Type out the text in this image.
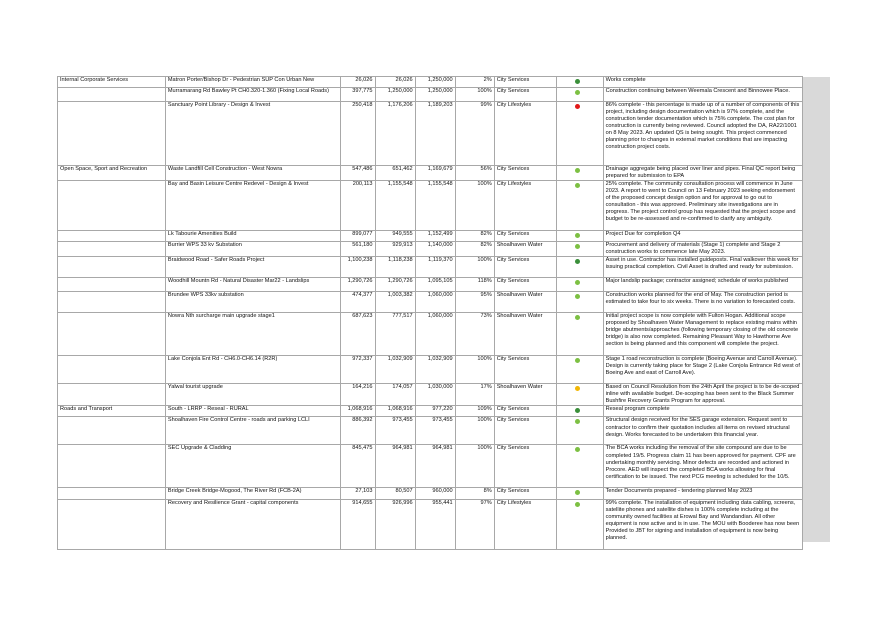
Internal Corporate Services	Matron Porter/Bishop Dr - Pedestrian SUP Con Urban New	26,026	26,026	1,250,000	2%	City Services		Works complete
	Murramarang Rd Bawley Pt CH0.320-1.360 (Fixing Local Roads)	397,775	1,250,000	1,250,000	100%	City Services		Construction continuing between Weemala Crescent and Binnowee Place.
	Sanctuary Point Library - Design & Invest	250,418	1,176,206	1,189,203	99%	City Lifestyles		86% complete - this percentage is made up of a number of components of this project, including design documentation which is 97% complete, and the construction tender documentation which is 75% complete. The cost plan for construction is currently being reviewed. Council adopted the DA, RA22/1001 on 8 May 2023. An updated QS is being sought. This project commenced planning prior to changes in external market conditions that are impacting construction project costs.
Open Space, Sport and Recreation	Waste Landfill Cell Construction - West Nowra	547,486	651,462	1,169,679	56%	City Services		Drainage aggregate being placed over liner and pipes. Final QC report being prepared for submission to EPA
	Bay and Basin Leisure Centre Redevel - Design & Invest	200,113	1,155,548	1,155,548	100%	City Lifestyles		25% complete. The community consultation process will commence in June 2023. A report to went to Council on 13 February 2023 seeking endorsement of the proposed concept design option and for approval to go out to consultation - this was approved. Preliminary site investigations are in progress. The project control group has requested that the project scope and budget to be re-assessed and re-confirmed to clarify any ambiguity.
	Lk Tabourie Amenities Build	899,077	949,555	1,152,499	82%	City Services		Project Due for completion Q4
	Burrier WPS 33 kv Substation	561,180	929,913	1,140,000	82%	Shoalhaven Water		Procurement and delivery of materials (Stage 1) complete and Stage 2 construction works to commence late May 2023.
	Braidwood Road - Safer Roads Project	1,100,238	1,118,238	1,119,370	100%	City Services		Asset in use. Contractor has installed guideposts. Final walkover this week for issuing practical completion. Civil Asset is drafted and ready for submission.
	Woodhill Mountn Rd - Natural Disaster Mar22 - Landslips	1,290,726	1,290,726	1,095,105	118%	City Services		Major landslip package; contractor assigned; schedule of works published
	Brundee WPS 33kv substation	474,377	1,003,382	1,060,000	95%	Shoalhaven Water		Construction works planned for the end of May. The construction period is estimated to take four to six weeks. There is no variation to forecasted costs.
	Nowra Nth surcharge main upgrade stage1	687,623	777,517	1,060,000	73%	Shoalhaven Water		Initial project scope is now complete with Fulton Hogan. Additional scope proposed by Shoalhaven Water Management to replace existing mains within bridge abutments/approaches (following temporary closing of the old concrete bridge) is also now completed. Remaining Pleasant Way to Hawthorne Ave section is being planned and this component will complete the project.
	Lake Conjola Ent Rd - CH6.0-CH6.14 (R2R)	972,337	1,032,909	1,032,909	100%	City Services		Stage 1 road reconstruction is complete (Boeing Avenue and Carroll Avenue). Design is currently taking place for Stage 2 (Lake Conjola Entrance Rd west of Boeing Ave and east of Carroll Ave).
	Yalwal tourist upgrade	164,216	174,057	1,030,000	17%	Shoalhaven Water		Based on Council Resolution from the 24th April the project is to be de-scoped inline with available budget. De-scoping has been sent to the Black Summer Bushfire Recovery Grants Program for approval.
Roads and Transport	South - LRRP - Reseal - RURAL	1,068,916	1,068,916	977,220	109%	City Services		Reseal program complete
	Shoalhaven Fire Control Centre - roads and parking LCLI	886,392	973,455	973,455	100%	City Services		Structural design received for the SES garage extension. Request sent to contractor to confirm their quotation includes all items on revised structural design. Works forecasted to be undertaken this financial year.
	SEC Upgrade & Cladding	845,475	964,981	964,981	100%	City Services		The BCA works including the removal of the site compound are due to be completed 19/5. Progress claim 11 has been approved for payment. CPF are undertaking monthly servicing. Minor defects are recorded and actioned in Procore. AED will inspect the completed BCA works allowing for final certification to be issued. The next PCG meeting is scheduled for the 10/5.
	Bridge Creek Bridge-Mogood, The River Rd (FCB-2A)	27,103	80,507	960,000	8%	City Services		Tender Documents prepared - tendering planned May 2023
	Recovery and Resilience Grant - capital components	914,655	926,996	955,441	97%	City Lifestyles		99% complete. The installation of equipment including data cabling, screens, satellite phones and satellite dishes is 100% complete including at the community owned facilities at Erowal Bay and Wandandian. All other equipment is now active and is in use. The MOU with Booderee has now been Provided to JBT for signing and installation of equipment is now being planned.
